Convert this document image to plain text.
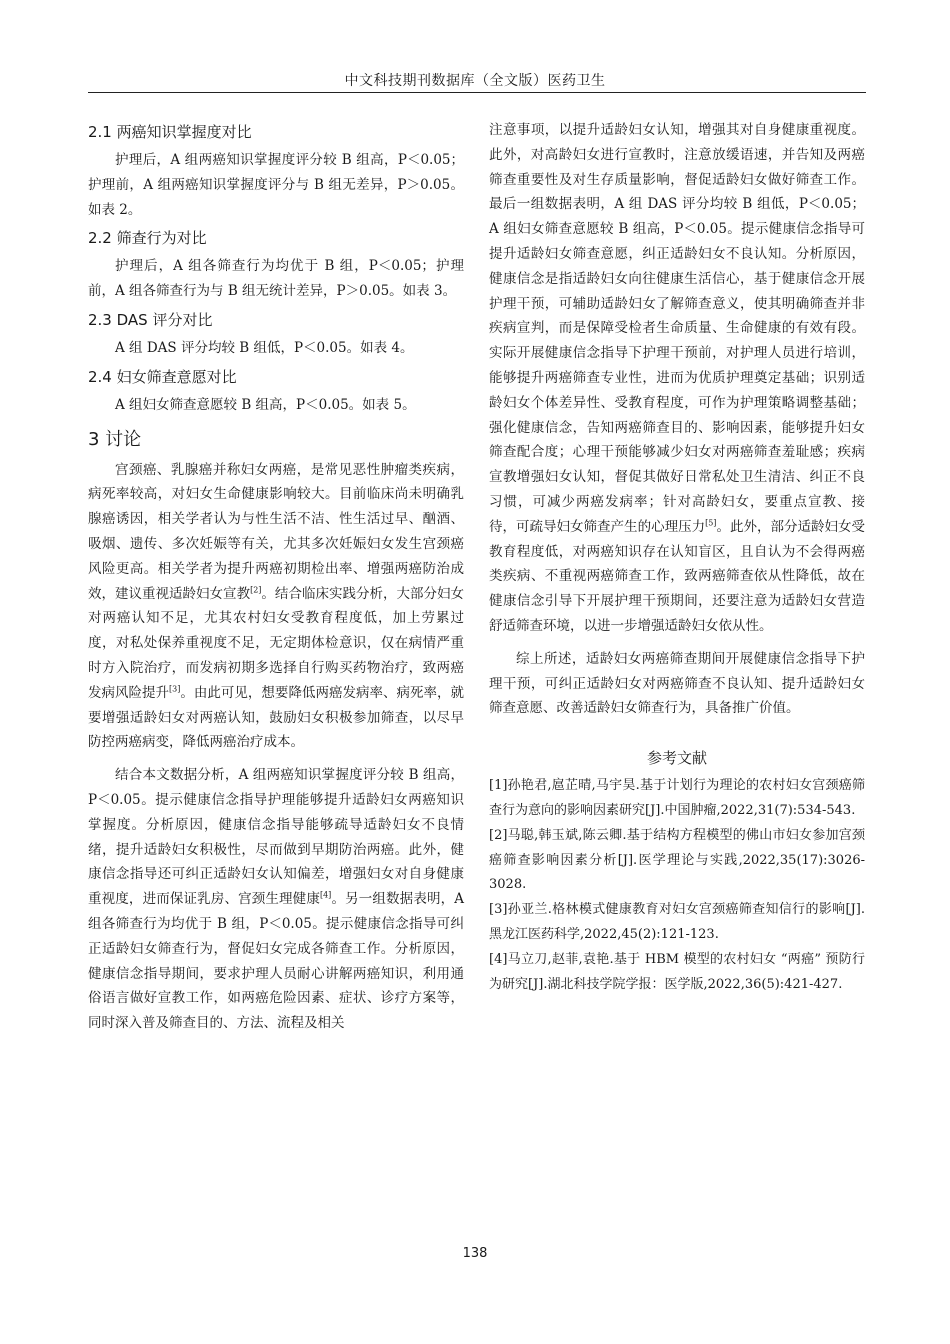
中文科技期刊数据库（全文版）医药卫生
2.1 两癌知识掌握度对比

护理后，A 组两癌知识掌握度评分较 B 组高，P＜0.05；护理前，A 组两癌知识掌握度评分与 B 组无差异，P＞0.05。如表 2。

2.2 筛查行为对比

护理后，A 组各筛查行为均优于 B 组，P＜0.05；护理前，A 组各筛查行为与 B 组无统计差异，P＞0.05。如表 3。

2.3 DAS 评分对比

A 组 DAS 评分均较 B 组低，P＜0.05。如表 4。

2.4 妇女筛查意愿对比

A 组妇女筛查意愿较 B 组高，P＜0.05。如表 5。

3 讨论

宫颈癌、乳腺癌并称妇女两癌，是常见恶性肿瘤类疾病，病死率较高，对妇女生命健康影响较大。目前临床尚未明确乳腺癌诱因，相关学者认为与性生活不洁、性生活过早、酗酒、吸烟、遗传、多次妊娠等有关，尤其多次妊娠妇女发生宫颈癌风险更高。相关学者为提升两癌初期检出率、增强两癌防治成效，建议重视适龄妇女宣教[2]。结合临床实践分析，大部分妇女对两癌认知不足，尤其农村妇女受教育程度低，加上劳累过度，对私处保养重视度不足，无定期体检意识，仅在病情严重时方入院治疗，而发病初期多选择自行购买药物治疗，致两癌发病风险提升[3]。由此可见，想要降低两癌发病率、病死率，就要增强适龄妇女对两癌认知，鼓励妇女积极参加筛查，以尽早防控两癌病变，降低两癌治疗成本。

结合本文数据分析，A 组两癌知识掌握度评分较 B 组高，P＜0.05。提示健康信念指导护理能够提升适龄妇女两癌知识掌握度。分析原因，健康信念指导能够疏导适龄妇女不良情绪，提升适龄妇女积极性，尽而做到早期防治两癌。此外，健康信念指导还可纠正适龄妇女认知偏差，增强妇女对自身健康重视度，进而保证乳房、宫颈生理健康[4]。另一组数据表明，A 组各筛查行为均优于 B 组，P＜0.05。提示健康信念指导可纠正适龄妇女筛查行为，督促妇女完成各筛查工作。分析原因，健康信念指导期间，要求护理人员耐心讲解两癌知识，利用通俗语言做好宣教工作，如两癌危险因素、症状、诊疗方案等，同时深入普及筛查目的、方法、流程及相关

注意事项，以提升适龄妇女认知，增强其对自身健康重视度。此外，对高龄妇女进行宣教时，注意放缓语速，并告知及两癌筛查重要性及对生存质量影响，督促适龄妇女做好筛查工作。最后一组数据表明，A 组 DAS 评分均较 B 组低，P＜0.05；A 组妇女筛查意愿较 B 组高，P＜0.05。提示健康信念指导可提升适龄妇女筛查意愿，纠正适龄妇女不良认知。分析原因，健康信念是指适龄妇女向往健康生活信心，基于健康信念开展护理干预，可辅助适龄妇女了解筛查意义，使其明确筛查并非疾病宣判，而是保障受检者生命质量、生命健康的有效有段。实际开展健康信念指导下护理干预前，对护理人员进行培训，能够提升两癌筛查专业性，进而为优质护理奠定基础；识别适龄妇女个体差异性、受教育程度，可作为护理策略调整基础；强化健康信念，告知两癌筛查目的、影响因素，能够提升妇女筛查配合度；心理干预能够减少妇女对两癌筛查羞耻感；疾病宣教增强妇女认知，督促其做好日常私处卫生清洁、纠正不良习惯，可减少两癌发病率；针对高龄妇女，要重点宣教、接待，可疏导妇女筛查产生的心理压力[5]。此外，部分适龄妇女受教育程度低，对两癌知识存在认知盲区，且自认为不会得两癌类疾病、不重视两癌筛查工作，致两癌筛查依从性降低，故在健康信念引导下开展护理干预期间，还要注意为适龄妇女营造舒适筛查环境，以进一步增强适龄妇女依从性。

综上所述，适龄妇女两癌筛查期间开展健康信念指导下护理干预，可纠正适龄妇女对两癌筛查不良认知、提升适龄妇女筛查意愿、改善适龄妇女筛查行为，具备推广价值。

参考文献

[1]孙艳君,扈芷晴,马宇昊.基于计划行为理论的农村妇女宫颈癌筛查行为意向的影响因素研究[J].中国肿瘤,2022,31(7):534-543.

[2]马聪,韩玉斌,陈云卿.基于结构方程模型的佛山市妇女参加宫颈癌筛查影响因素分析[J].医学理论与实践,2022,35(17):3026-3028.

[3]孙亚兰.格林模式健康教育对妇女宫颈癌筛查知信行的影响[J].黑龙江医药科学,2022,45(2):121-123.

[4]马立刀,赵菲,袁艳.基于 HBM 模型的农村妇女 “两癌” 预防行为研究[J].湖北科技学院学报：医学版,2022,36(5):421-427.

138
